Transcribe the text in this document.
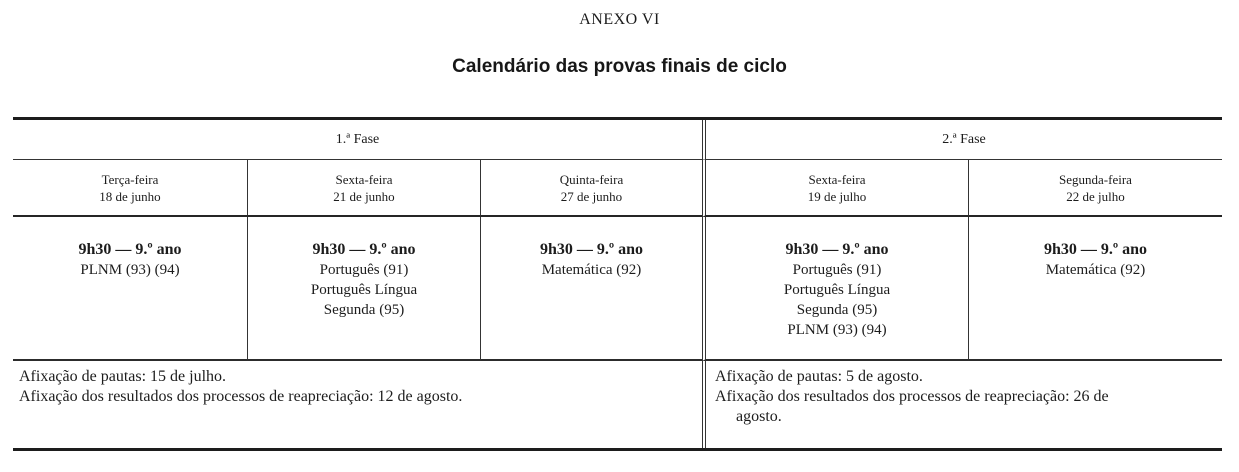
ANEXO VI
Calendário das provas finais de ciclo
1.ª Fase	2.ª Fase
Terça-feira
18 de junho
Sexta-feira
21 de junho
Quinta-feira
27 de junho
Sexta-feira
19 de julho
Segunda-feira
22 de julho
9h30 — 9.º ano
PLNM (93) (94)
9h30 — 9.º ano
Português (91)
Português Língua
Segunda (95)
9h30 — 9.º ano
Matemática (92)
9h30 — 9.º ano
Português (91)
Português Língua
Segunda (95)
PLNM (93) (94)
9h30 — 9.º ano
Matemática (92)
Afixação de pautas: 15 de julho.
Afixação dos resultados dos processos de reapreciação: 12 de agosto.
Afixação de pautas: 5 de agosto.
Afixação dos resultados dos processos de reapreciação: 26 de
agosto.
